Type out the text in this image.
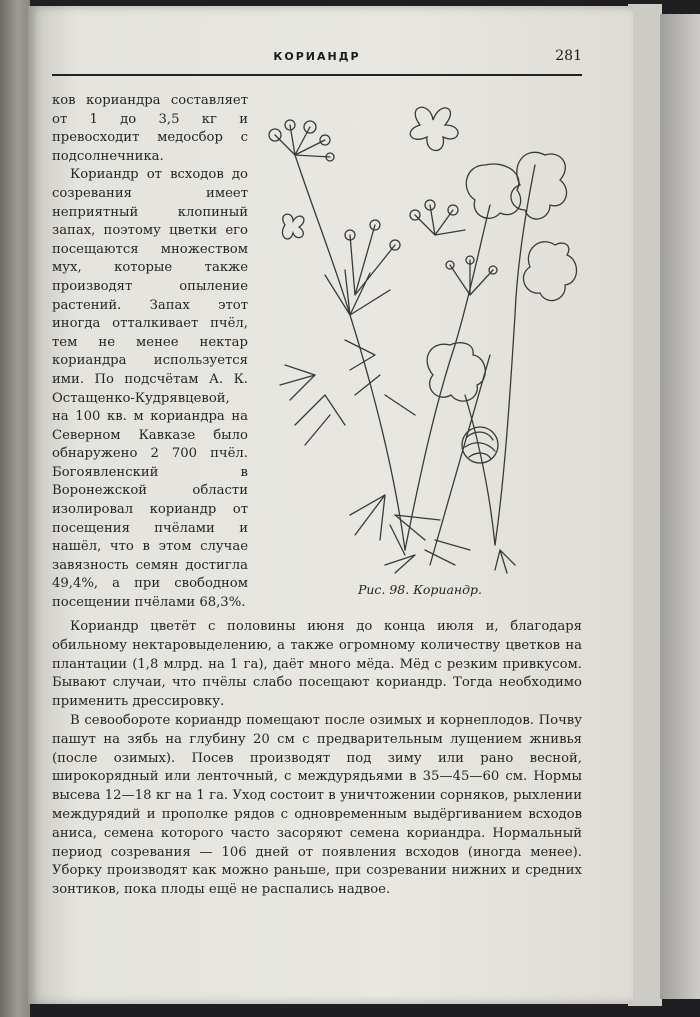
КОРИАНДР	281

ков кориандра составляет от 1 до 3,5 кг и превосходит медосбор с подсолнечника.

Кориандр от всходов до созревания имеет неприятный клопиный запах, поэтому цветки его посещаются множеством мух, которые также производят опыление растений. Запах этот иногда отталкивает пчёл, тем не менее нектар кориандра используется ими. По подсчётам А. К. Остащенко-Кудрявцевой, на 100 кв. м кориандра на Северном Кавказе было обнаружено 2 700 пчёл. Богоявленский в Воронежской области изолировал кориандр от посещения пчёлами и нашёл, что в этом случае завязность семян достигла 49,4%, а при свободном посещении пчёлами 68,3%.

Рис. 98. Кориандр.

Кориандр цветёт с половины июня до конца июля и, благодаря обильному нектаровыделению, а также огромному количеству цветков на плантации (1,8 млрд. на 1 га), даёт много мёда. Мёд с резким привкусом. Бывают случаи, что пчёлы слабо посещают кориандр. Тогда необходимо применить дрессировку.

В севообороте кориандр помещают после озимых и корнеплодов. Почву пашут на зябь на глубину 20 см с предварительным лущением жнивья (после озимых). Посев производят под зиму или рано весной, широкорядный или ленточный, с междурядьями в 35—45—60 см. Нормы высева 12—18 кг на 1 га. Уход состоит в уничтожении сорняков, рыхлении междурядий и прополке рядов с одновременным выдёргиванием всходов аниса, семена которого часто засоряют семена кориандра. Нормальный период созревания — 106 дней от появления всходов (иногда менее). Уборку производят как можно раньше, при созревании нижних и средних зонтиков, пока плоды ещё не распались надвое.
